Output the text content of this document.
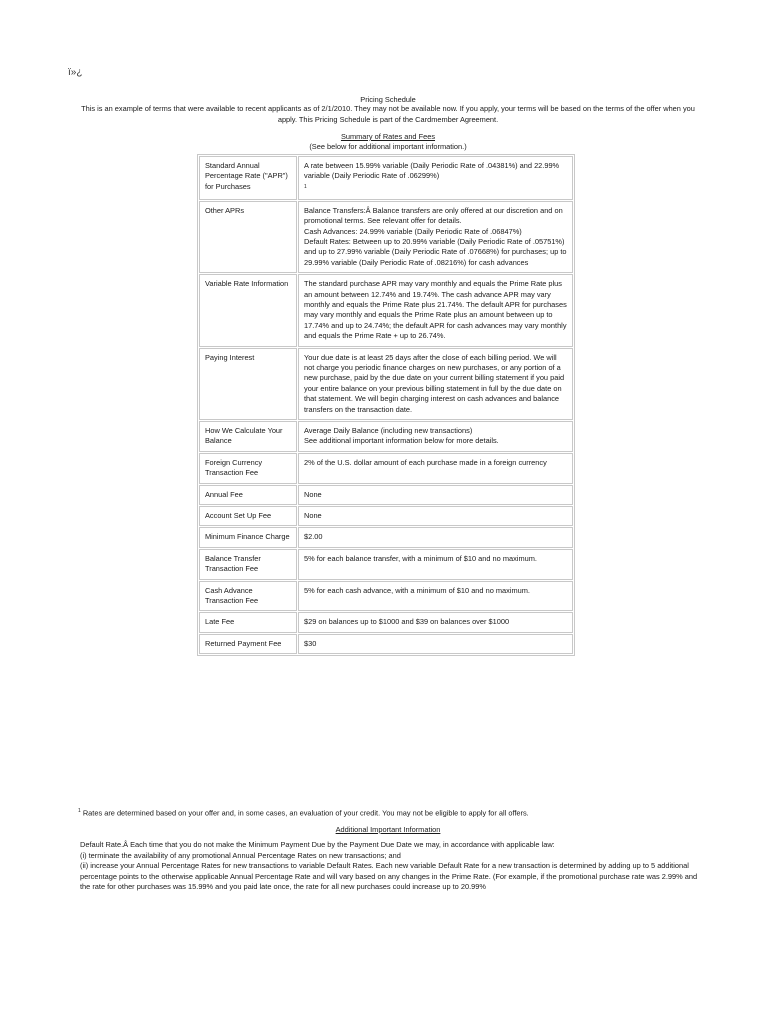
ï»¿
Pricing Schedule
This is an example of terms that were available to recent applicants as of 2/1/2010. They may not be available now. If you apply, your terms will be based on the terms of the offer when you apply. This Pricing Schedule is part of the Cardmember Agreement.
Summary of Rates and Fees
(See below for additional important information.)
Standard Annual Percentage Rate ("APR") for Purchases	A rate between 15.99% variable (Daily Periodic Rate of .04381%) and 22.99% variable (Daily Periodic Rate of .06299%)
$^1$
Other APRs	Balance Transfers:Â Balance transfers are only offered at our discretion and on promotional terms. See relevant offer for details.
Cash Advances: 24.99% variable (Daily Periodic Rate of .06847%)
Default Rates: Between up to 20.99% variable (Daily Periodic Rate of .05751%) and up to 27.99% variable (Daily Periodic Rate of .07668%) for purchases; up to 29.99% variable (Daily Periodic Rate of .08216%) for cash advances
Variable Rate Information	The standard purchase APR may vary monthly and equals the Prime Rate plus an amount between 12.74% and 19.74%. The cash advance APR may vary monthly and equals the Prime Rate plus 21.74%. The default APR for purchases may vary monthly and equals the Prime Rate plus an amount between up to 17.74% and up to 24.74%; the default APR for cash advances may vary monthly and equals the Prime Rate + up to 26.74%.
Paying Interest	Your due date is at least 25 days after the close of each billing period. We will not charge you periodic finance charges on new purchases, or any portion of a new purchase, paid by the due date on your current billing statement if you paid your entire balance on your previous billing statement in full by the due date on that statement. We will begin charging interest on cash advances and balance transfers on the transaction date.
How We Calculate Your Balance	Average Daily Balance (including new transactions)
See additional important information below for more details.
Foreign Currency Transaction Fee	2% of the U.S. dollar amount of each purchase made in a foreign currency
Annual Fee	None
Account Set Up Fee	None
Minimum Finance Charge	$2.00
Balance Transfer Transaction Fee	5% for each balance transfer, with a minimum of $10 and no maximum.
Cash Advance Transaction Fee	5% for each cash advance, with a minimum of $10 and no maximum.
Late Fee	$29 on balances up to $1000 and $39 on balances over $1000
Returned Payment Fee	$30
$^1$ Rates are determined based on your offer and, in some cases, an evaluation of your credit. You may not be eligible to apply for all offers.
Additional Important Information
Default Rate.Â Each time that you do not make the Minimum Payment Due by the Payment Due Date we may, in accordance with applicable law:
(i) terminate the availability of any promotional Annual Percentage Rates on new transactions; and
(ii) increase your Annual Percentage Rates for new transactions to variable Default Rates. Each new variable Default Rate for a new transaction is determined by adding up to 5 additional percentage points to the otherwise applicable Annual Percentage Rate and will vary based on any changes in the Prime Rate. (For example, if the promotional purchase rate was 2.99% and the rate for other purchases was 15.99% and you paid late once, the rate for all new purchases could increase up to 20.99%
